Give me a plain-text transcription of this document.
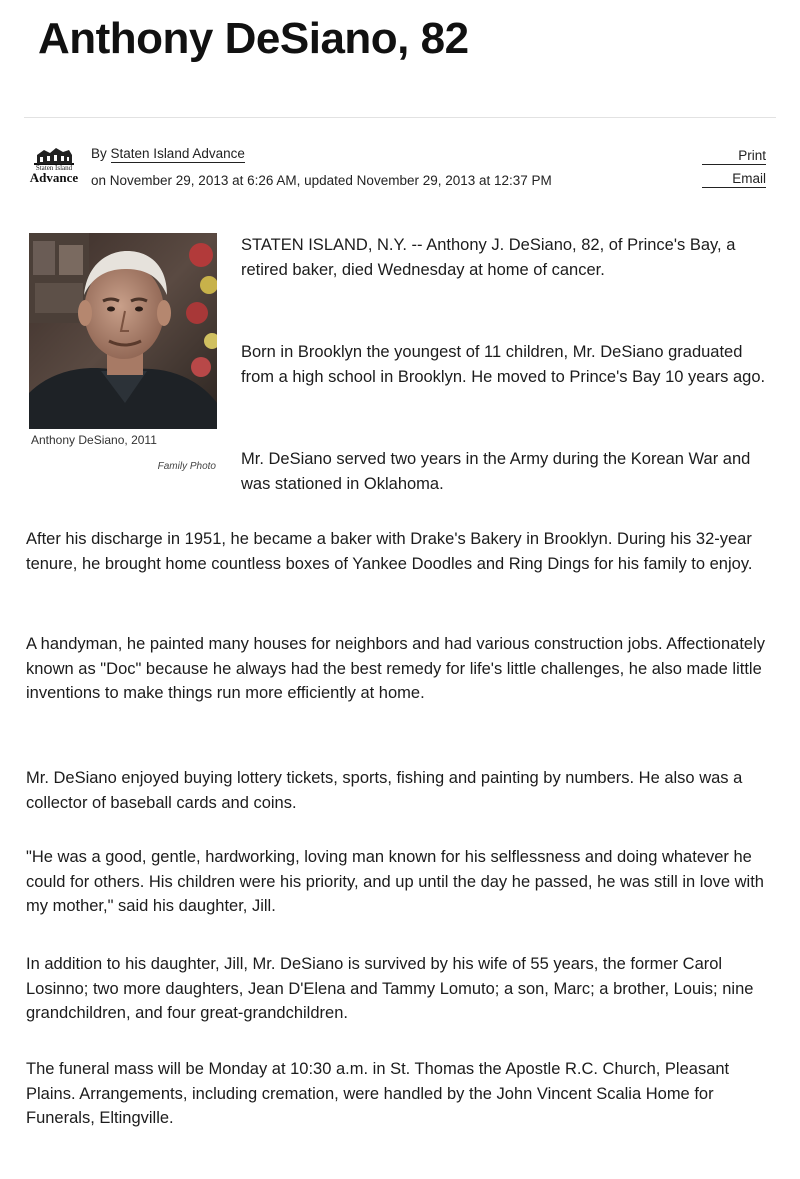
Anthony DeSiano, 82
Staten Island
Advance
By Staten Island Advance
on November 29, 2013 at 6:26 AM, updated November 29, 2013 at 12:37 PM
Print
Email
Anthony DeSiano, 2011
Family Photo

STATEN ISLAND, N.Y. -- Anthony J. DeSiano, 82, of Prince's Bay, a retired baker, died Wednesday at home of cancer.

Born in Brooklyn the youngest of 11 children, Mr. DeSiano graduated from a high school in Brooklyn. He moved to Prince's Bay 10 years ago.

Mr. DeSiano served two years in the Army during the Korean War and was stationed in Oklahoma.

After his discharge in 1951, he became a baker with Drake's Bakery in Brooklyn. During his 32-year tenure, he brought home countless boxes of Yankee Doodles and Ring Dings for his family to enjoy.

A handyman, he painted many houses for neighbors and had various construction jobs. Affectionately known as "Doc" because he always had the best remedy for life's little challenges, he also made little inventions to make things run more efficiently at home.

Mr. DeSiano enjoyed buying lottery tickets, sports, fishing and painting by numbers. He also was a collector of baseball cards and coins.

"He was a good, gentle, hardworking, loving man known for his selflessness and doing whatever he could for others. His children were his priority, and up until the day he passed, he was still in love with my mother," said his daughter, Jill.

In addition to his daughter, Jill, Mr. DeSiano is survived by his wife of 55 years, the former Carol Losinno; two more daughters, Jean D'Elena and Tammy Lomuto; a son, Marc; a brother, Louis; nine grandchildren, and four great-grandchildren.

The funeral mass will be Monday at 10:30 a.m. in St. Thomas the Apostle R.C. Church, Pleasant Plains. Arrangements, including cremation, were handled by the John Vincent Scalia Home for Funerals, Eltingville.
